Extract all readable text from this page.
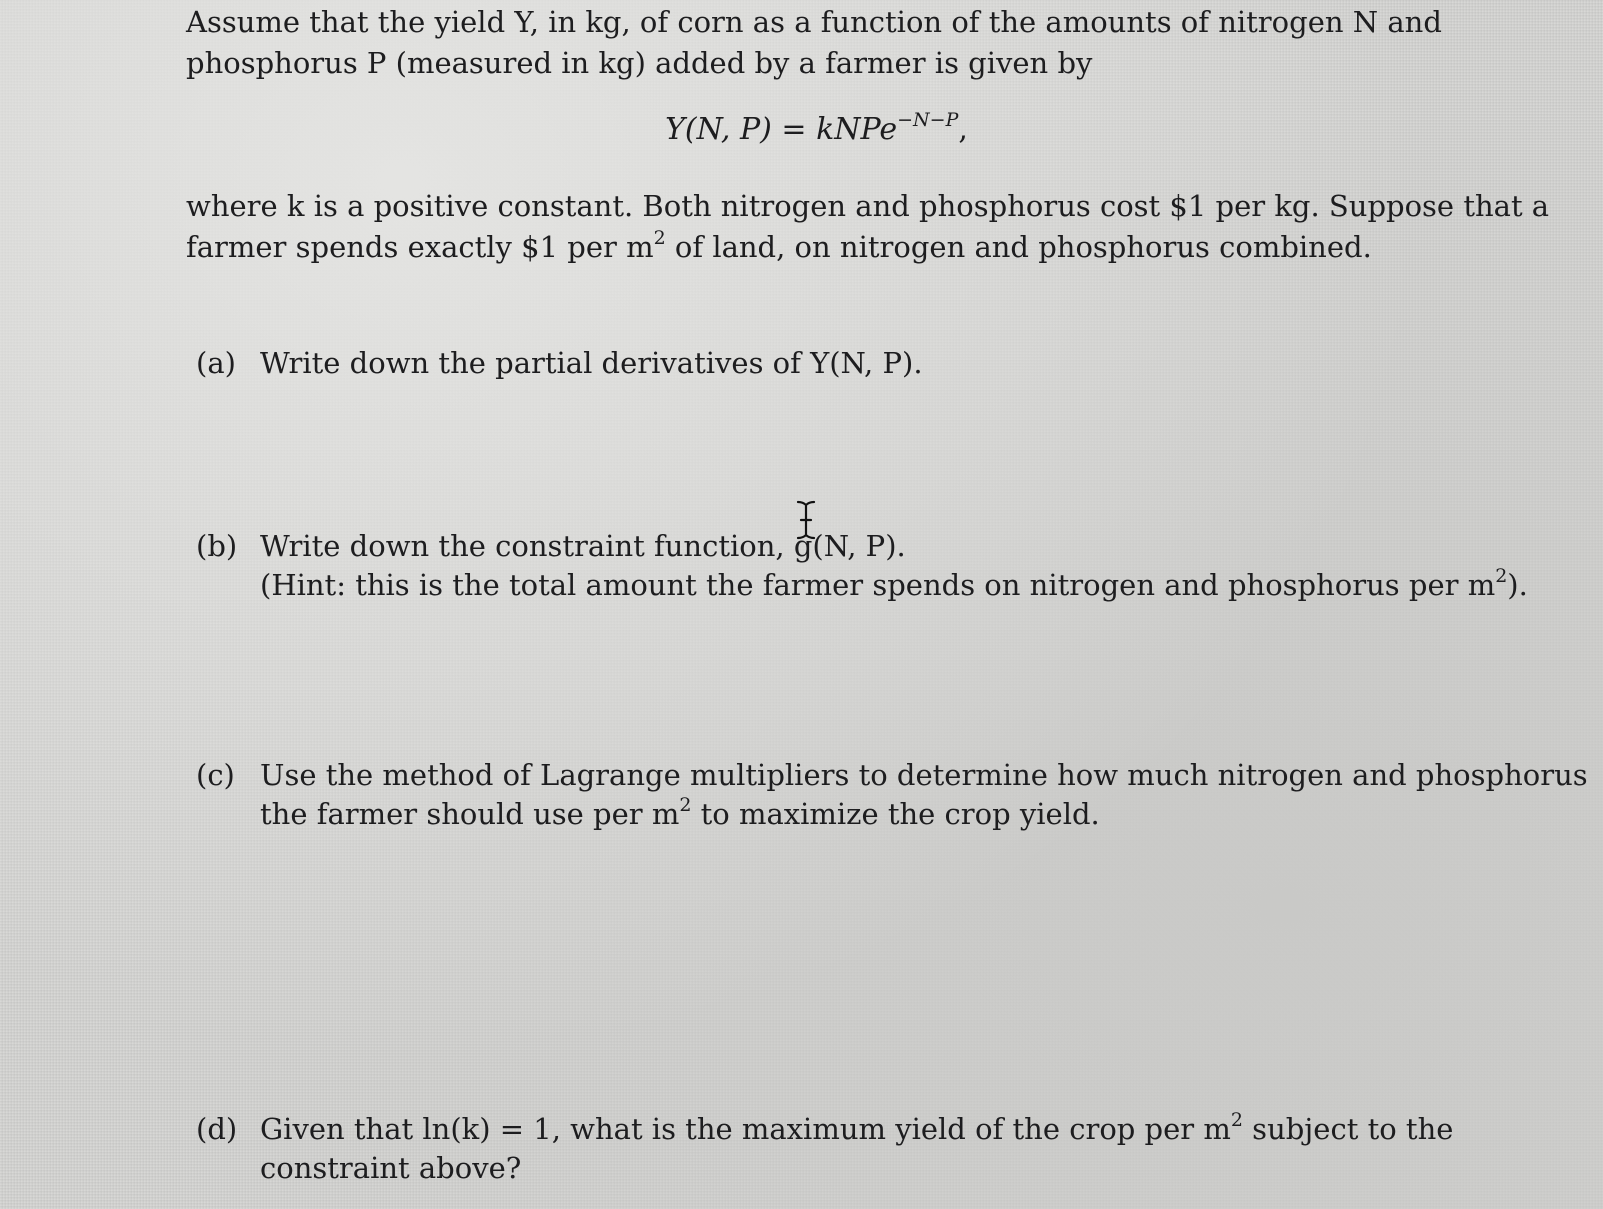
Assume that the yield Y, in kg, of corn as a function of the amounts of nitrogen N and
phosphorus P (measured in kg) added by a farmer is given by
Y(N, P) = kNPe$^{-N-P}$,
where k is a positive constant. Both nitrogen and phosphorus cost $1 per kg. Suppose that a
farmer spends exactly $1 per $m^2$ of land, on nitrogen and phosphorus combined.
(a) Write down the partial derivatives of Y(N, P).
(b) Write down the constraint function, g(N, P).
(Hint: this is the total amount the farmer spends on nitrogen and phosphorus per $m^2$).
(c) Use the method of Lagrange multipliers to determine how much nitrogen and phosphorus
the farmer should use per $m^2$ to maximize the crop yield.
(d) Given that ln(k) = 1, what is the maximum yield of the crop per $m^2$ subject to the
constraint above?
